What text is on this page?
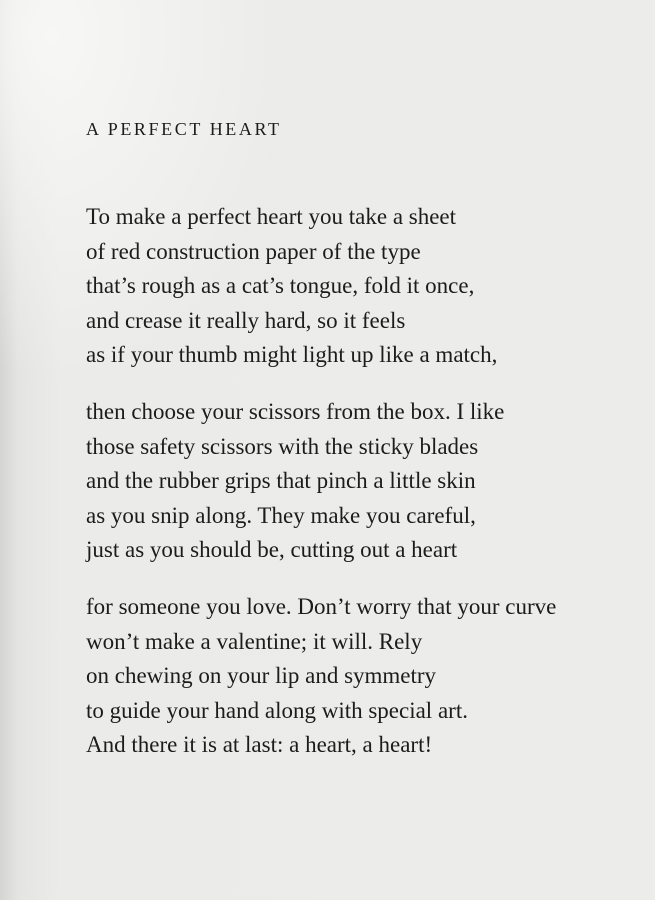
A PERFECT HEART
To make a perfect heart you take a sheet
of red construction paper of the type
that’s rough as a cat’s tongue, fold it once,
and crease it really hard, so it feels
as if your thumb might light up like a match,
then choose your scissors from the box. I like
those safety scissors with the sticky blades
and the rubber grips that pinch a little skin
as you snip along. They make you careful,
just as you should be, cutting out a heart
for someone you love. Don’t worry that your curve
won’t make a valentine; it will. Rely
on chewing on your lip and symmetry
to guide your hand along with special art.
And there it is at last: a heart, a heart!
